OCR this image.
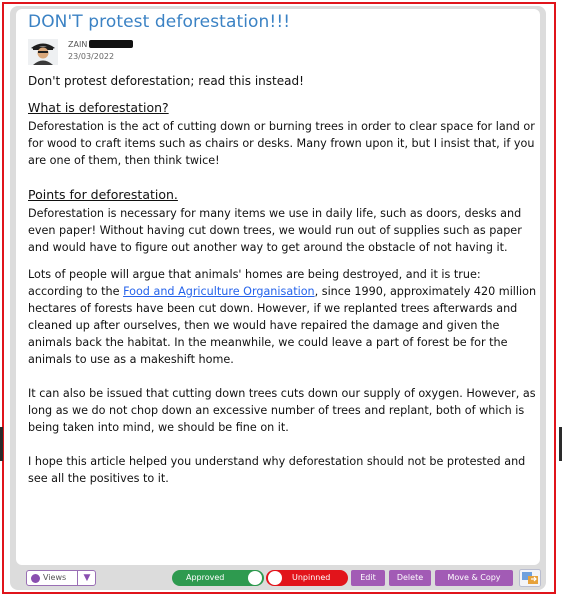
DON'T protest deforestation!!!
ZAIN
23/03/2022

Don't protest deforestation; read this instead!

What is deforestation?

Deforestation is the act of cutting down or burning trees in order to clear space for land or for wood to craft items such as chairs or desks. Many frown upon it, but I insist that, if you are one of them, then think twice!

Points for deforestation.

Deforestation is necessary for many items we use in daily life, such as doors, desks and even paper! Without having cut down trees, we would run out of supplies such as paper and would have to figure out another way to get around the obstacle of not having it.

Lots of people will argue that animals' homes are being destroyed, and it is true: according to the Food and Agriculture Organisation, since 1990, approximately 420 million hectares of forests have been cut down. However, if we replanted trees afterwards and cleaned up after ourselves, then we would have repaired the damage and given the animals back the habitat. In the meanwhile, we could leave a part of forest be for the animals to use as a makeshift home.

It can also be issued that cutting down trees cuts down our supply of oxygen. However, as long as we do not chop down an excessive number of trees and replant, both of which is being taken into mind, we should be fine on it.

I hope this article helped you understand why deforestation should not be protested and see all the positives to it.

Views	▼	Approved	Unpinned	Edit	Delete	Move & Copy
